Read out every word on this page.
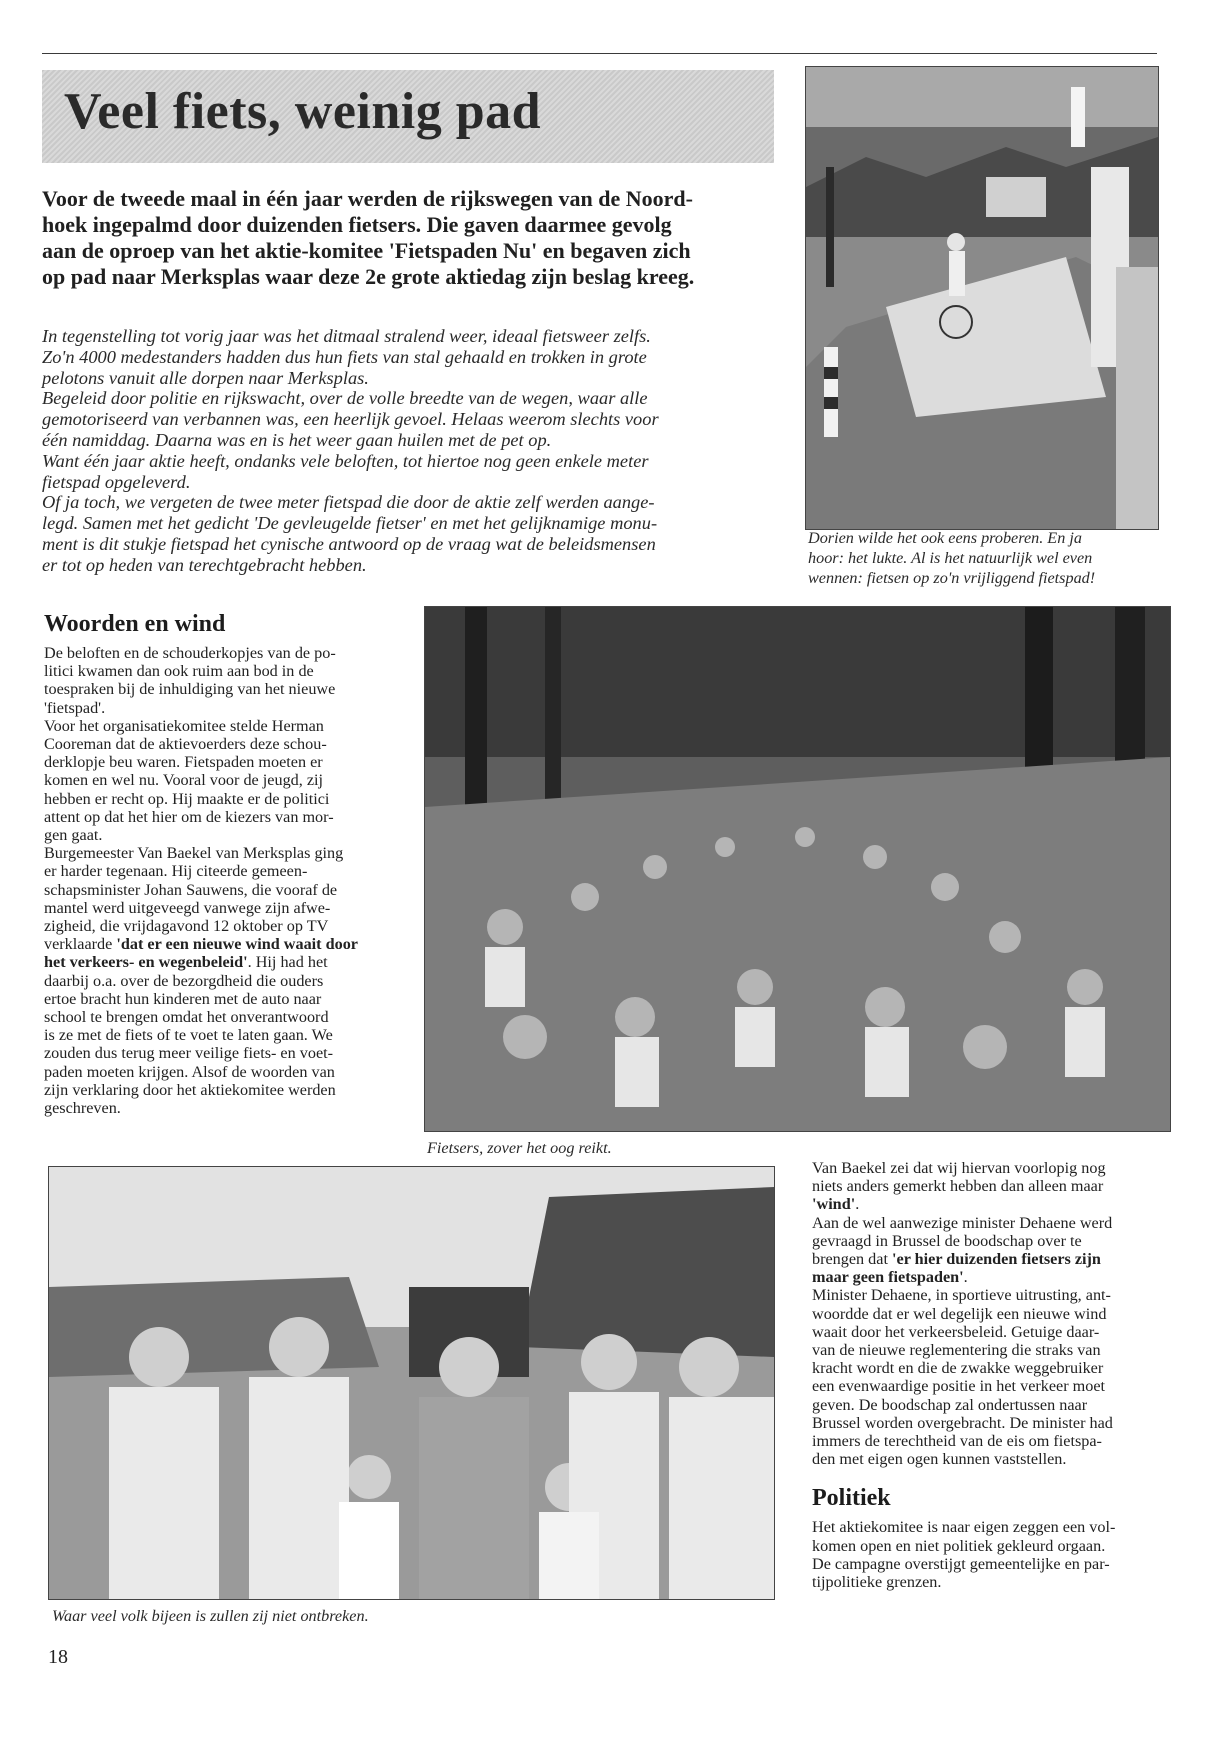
Veel fiets, weinig pad
Voor de tweede maal in één jaar werden de rijkswegen van de Noord-
hoek ingepalmd door duizenden fietsers. Die gaven daarmee gevolg
aan de oproep van het aktie-komitee 'Fietspaden Nu' en begaven zich
op pad naar Merksplas waar deze 2e grote aktiedag zijn beslag kreeg.
In tegenstelling tot vorig jaar was het ditmaal stralend weer, ideaal fietsweer zelfs.
Zo'n 4000 medestanders hadden dus hun fiets van stal gehaald en trokken in grote
pelotons vanuit alle dorpen naar Merksplas.
Begeleid door politie en rijkswacht, over de volle breedte van de wegen, waar alle
gemotoriseerd van verbannen was, een heerlijk gevoel. Helaas weerom slechts voor
één namiddag. Daarna was en is het weer gaan huilen met de pet op.
Want één jaar aktie heeft, ondanks vele beloften, tot hiertoe nog geen enkele meter
fietspad opgeleverd.
Of ja toch, we vergeten de twee meter fietspad die door de aktie zelf werden aange-
legd. Samen met het gedicht 'De gevleugelde fietser' en met het gelijknamige monu-
ment is dit stukje fietspad het cynische antwoord op de vraag wat de beleidsmensen
er tot op heden van terechtgebracht hebben.
Dorien wilde het ook eens proberen. En ja
hoor: het lukte. Al is het natuurlijk wel even
wennen: fietsen op zo'n vrijliggend fietspad!
Woorden en wind
De beloften en de schouderkopjes van de po-
litici kwamen dan ook ruim aan bod in de
toespraken bij de inhuldiging van het nieuwe
'fietspad'.
Voor het organisatiekomitee stelde Herman
Cooreman dat de aktievoerders deze schou-
derklopje beu waren. Fietspaden moeten er
komen en wel nu. Vooral voor de jeugd, zij
hebben er recht op. Hij maakte er de politici
attent op dat het hier om de kiezers van mor-
gen gaat.
Burgemeester Van Baekel van Merksplas ging
er harder tegenaan. Hij citeerde gemeen-
schapsminister Johan Sauwens, die vooraf de
mantel werd uitgeveegd vanwege zijn afwe-
zigheid, die vrijdagavond 12 oktober op TV
verklaarde 'dat er een nieuwe wind waait door
het verkeers- en wegenbeleid'. Hij had het
daarbij o.a. over de bezorgdheid die ouders
ertoe bracht hun kinderen met de auto naar
school te brengen omdat het onverantwoord
is ze met de fiets of te voet te laten gaan. We
zouden dus terug meer veilige fiets- en voet-
paden moeten krijgen. Alsof de woorden van
zijn verklaring door het aktiekomitee werden
geschreven.
Fietsers, zover het oog reikt.
Waar veel volk bijeen is zullen zij niet ontbreken.
Van Baekel zei dat wij hiervan voorlopig nog
niets anders gemerkt hebben dan alleen maar
'wind'.
Aan de wel aanwezige minister Dehaene werd
gevraagd in Brussel de boodschap over te
brengen dat 'er hier duizenden fietsers zijn
maar geen fietspaden'.
Minister Dehaene, in sportieve uitrusting, ant-
woordde dat er wel degelijk een nieuwe wind
waait door het verkeersbeleid. Getuige daar-
van de nieuwe reglementering die straks van
kracht wordt en die de zwakke weggebruiker
een evenwaardige positie in het verkeer moet
geven. De boodschap zal ondertussen naar
Brussel worden overgebracht. De minister had
immers de terechtheid van de eis om fietspa-
den met eigen ogen kunnen vaststellen.
Politiek
Het aktiekomitee is naar eigen zeggen een vol-
komen open en niet politiek gekleurd orgaan.
De campagne overstijgt gemeentelijke en par-
tijpolitieke grenzen.
18
